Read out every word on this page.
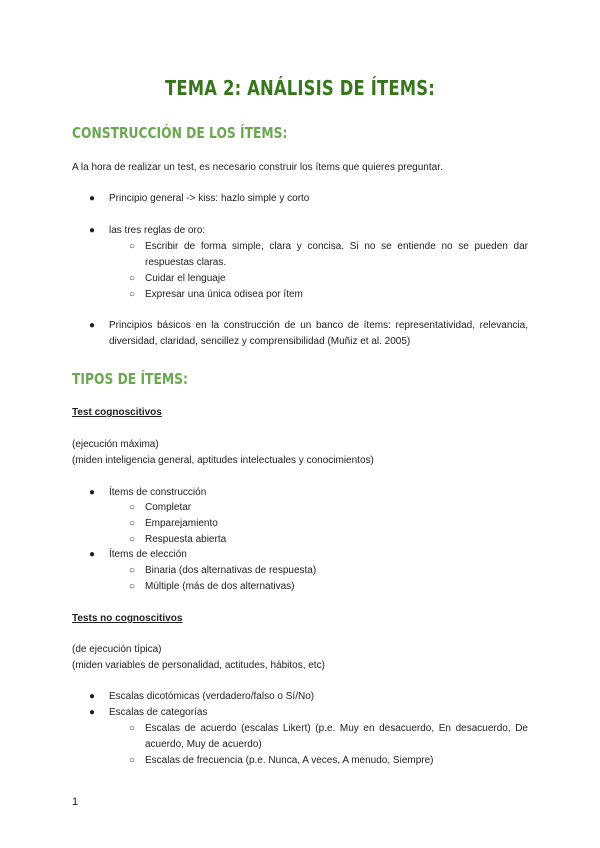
TEMA 2: ANÁLISIS DE ÍTEMS:
CONSTRUCCIÓN DE LOS ÍTEMS:
A la hora de realizar un test, es necesario construir los ítems que quieres preguntar.
● Principio general -> kiss: hazlo simple y corto
● las tres reglas de oro:
○ Escribir de forma simple, clara y concisa. Si no se entiende no se pueden dar respuestas claras.
○ Cuidar el lenguaje
○ Expresar una única odisea por ítem
● Principios básicos en la construcción de un banco de ítems: representatividad, relevancia, diversidad, claridad, sencillez y comprensibilidad (Muñiz et al. 2005)
TIPOS DE ÍTEMS:
Test cognoscitivos
(ejecución máxima)
(miden inteligencia general, aptitudes intelectuales y conocimientos)
● Ítems de construcción
○ Completar
○ Emparejamiento
○ Respuesta abierta
● Ítems de elección
○ Binaria (dos alternativas de respuesta)
○ Múltiple (más de dos alternativas)
Tests no cognoscitivos
(de ejecución típica)
(miden variables de personalidad, actitudes, hábitos, etc)
● Escalas dicotómicas (verdadero/falso o Sí/No)
● Escalas de categorías
○ Escalas de acuerdo (escalas Likert) (p.e. Muy en desacuerdo, En desacuerdo, De acuerdo, Muy de acuerdo)
○ Escalas de frecuencia (p.e. Nunca, A veces, A menudo, Siempre)
1
